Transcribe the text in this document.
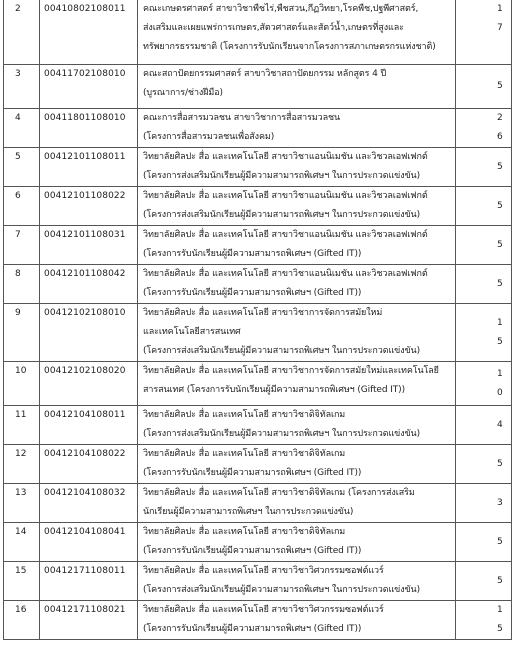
2	00410802108011	คณะเกษตรศาสตร์ สาขาวิชาพืชไร่,พืชสวน,กีฏวิทยา,โรคพืช,ปฐพีศาสตร์,
ส่งเสริมและเผยแพร่การเกษตร,สัตวศาสตร์และสัตว์น้ำ,เกษตรที่สูงและ
ทรัพยากรธรรมชาติ (โครงการรับนักเรียนจากโครงการสภาเกษตรกรแห่งชาติ)	17
3	00411702108010	คณะสถาปัตยกรรมศาสตร์ สาขาวิชาสถาปัตยกรรม หลักสูตร 4 ปี
(บูรณาการ/ช่างฝีมือ)	5
4	00411801108010	คณะการสื่อสารมวลชน สาขาวิชาการสื่อสารมวลชน
(โครงการสื่อสารมวลชนเพื่อสังคม)	26
5	00412101108011	วิทยาลัยศิลปะ สื่อ และเทคโนโลยี สาขาวิชาแอนนิเมชัน และวิชวลเอฟเฟกต์
(โครงการส่งเสริมนักเรียนผู้มีความสามารถพิเศษฯ ในการประกวดแข่งขัน)	5
6	00412101108022	วิทยาลัยศิลปะ สื่อ และเทคโนโลยี สาขาวิชาแอนนิเมชัน และวิชวลเอฟเฟกต์
(โครงการส่งเสริมนักเรียนผู้มีความสามารถพิเศษฯ ในการประกวดแข่งขัน)	5
7	00412101108031	วิทยาลัยศิลปะ สื่อ และเทคโนโลยี สาขาวิชาแอนนิเมชัน และวิชวลเอฟเฟกต์
(โครงการรับนักเรียนผู้มีความสามารถพิเศษฯ (Gifted IT))	5
8	00412101108042	วิทยาลัยศิลปะ สื่อ และเทคโนโลยี สาขาวิชาแอนนิเมชัน และวิชวลเอฟเฟกต์
(โครงการรับนักเรียนผู้มีความสามารถพิเศษฯ (Gifted IT))	5
9	00412102108010	วิทยาลัยศิลปะ สื่อ และเทคโนโลยี สาขาวิชาการจัดการสมัยใหม่
และเทคโนโลยีสารสนเทศ
(โครงการส่งเสริมนักเรียนผู้มีความสามารถพิเศษฯ ในการประกวดแข่งขัน)	15
10	00412102108020	วิทยาลัยศิลปะ สื่อ และเทคโนโลยี สาขาวิชาการจัดการสมัยใหม่และเทคโนโลยี
สารสนเทศ (โครงการรับนักเรียนผู้มีความสามารถพิเศษฯ (Gifted IT))	10
11	00412104108011	วิทยาลัยศิลปะ สื่อ และเทคโนโลยี สาขาวิชาดิจิทัลเกม
(โครงการส่งเสริมนักเรียนผู้มีความสามารถพิเศษฯ ในการประกวดแข่งขัน)	4
12	00412104108022	วิทยาลัยศิลปะ สื่อ และเทคโนโลยี สาขาวิชาดิจิทัลเกม
(โครงการรับนักเรียนผู้มีความสามารถพิเศษฯ (Gifted IT))	5
13	00412104108032	วิทยาลัยศิลปะ สื่อ และเทคโนโลยี สาขาวิชาดิจิทัลเกม (โครงการส่งเสริม
นักเรียนผู้มีความสามารถพิเศษฯ ในการประกวดแข่งขัน)	3
14	00412104108041	วิทยาลัยศิลปะ สื่อ และเทคโนโลยี สาขาวิชาดิจิทัลเกม
(โครงการรับนักเรียนผู้มีความสามารถพิเศษฯ (Gifted IT))	5
15	00412171108011	วิทยาลัยศิลปะ สื่อ และเทคโนโลยี สาขาวิชาวิศวกรรมซอฟต์แวร์
(โครงการส่งเสริมนักเรียนผู้มีความสามารถพิเศษฯ ในการประกวดแข่งขัน)	5
16	00412171108021	วิทยาลัยศิลปะ สื่อ และเทคโนโลยี สาขาวิชาวิศวกรรมซอฟต์แวร์
(โครงการรับนักเรียนผู้มีความสามารถพิเศษฯ (Gifted IT))	15
